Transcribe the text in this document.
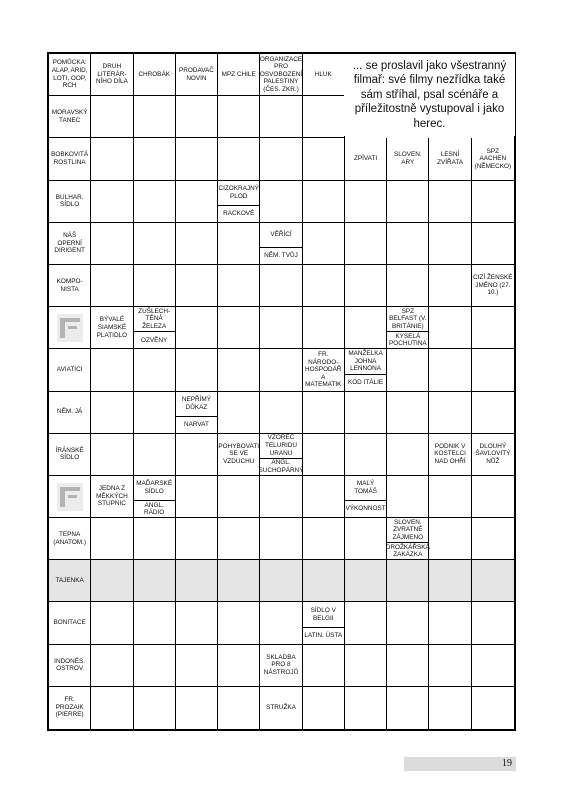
POMŮCKA: ALAP, ARID, LOTI, OOP, RCH
DRUH LITERÁR-NÍHO DÍLA
CHROBÁK
PRODAVAČ NOVIN
MPZ CHILE
ORGANIZACE PRO OSVOBOZENÍ PALESTINY (ČES. ZKR.)
HLUK
MORAVSKÝ TANEC
BOBKOVITÁ ROSTLINA
ZPÍVATI
SLOVEN. ARY
LESNÍ ZVÍŘATA
SPZ AACHEN (NĚMECKO)
BULHAR. SÍDLO
CIZOKRAJNÝ PLOD
RACKOVÉ
NÁŠ OPERNÍ DIRIGENT
VĚŘÍCÍ
NĚM. TVŮJ
KOMPO-NISTA
CIZÍ ŽENSKÉ JMÉNO (27. 10.)
BÝVALÉ SIAMSKÉ PLATIDLO
ZUŠLECH-TĚNÁ ŽELEZA
OZVĚNY
SPZ BELFAST (V. BRITÁNIE)
KYSELÁ POCHUTINA
AVIATICI
FR. NÁRODO-HOSPODÁŘ A MATEMATIK
MANŽELKA JOHNA LENNONA
KÓD ITÁLIE
NĚM. JÁ
NEPŘÍMÝ DŮKAZ
NARVAT
ÍRÁNSKÉ SÍDLO
POHYBOVATI SE VE VZDUCHU
VZOREC TELURIDU URANU
ANGL. SUCHOPÁRNÝ
PODNIK V KOSTELCI NAD OHŘÍ
DLOUHÝ ŠAVLOVITÝ NŮŽ
JEDNA Z MĚKKÝCH STUPNIC
MAĎARSKÉ SÍDLO
ANGL. RÁDIO
MALÝ TOMÁŠ
VÝKONNOST
TEPNA (ANATOM.)
SLOVEN. ZVRATNÉ ZÁJMENO
DROŽKÁŘSKÁ ZAKÁZKA
TAJENKA
BONITACE
SÍDLO V BELGII
LATIN. ÚSTA
INDONÉS. OSTROV
SKLADBA PRO 8 NÁSTROJŮ
FR. PROZAIK (PIERRE)
STRUŽKA
... se proslavil jako všestranný filmař: své filmy nezřídka také sám stříhal, psal scénáře a příležitostně vystupoval i jako herec.
19
